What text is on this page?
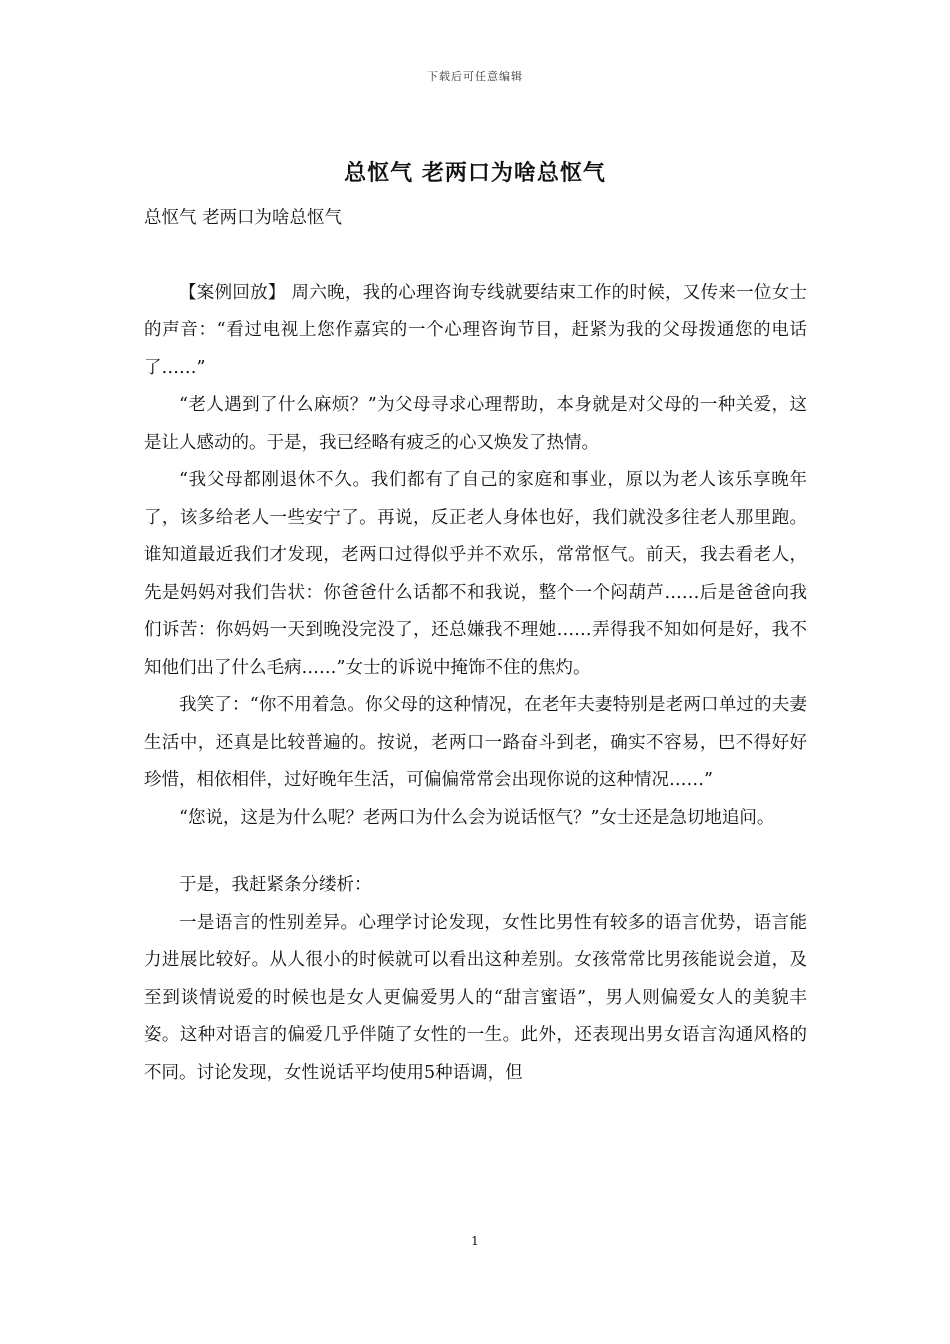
下载后可任意编辑
总怄气 老两口为啥总怄气
总怄气 老两口为啥总怄气

【案例回放】 周六晚，我的心理咨询专线就要结束工作的时候，又传来一位女士的声音：“看过电视上您作嘉宾的一个心理咨询节目，赶紧为我的父母拨通您的电话了……”

“老人遇到了什么麻烦？”为父母寻求心理帮助，本身就是对父母的一种关爱，这是让人感动的。于是，我已经略有疲乏的心又焕发了热情。

“我父母都刚退休不久。我们都有了自己的家庭和事业，原以为老人该乐享晚年了，该多给老人一些安宁了。再说，反正老人身体也好，我们就没多往老人那里跑。谁知道最近我们才发现，老两口过得似乎并不欢乐，常常怄气。前天，我去看老人，先是妈妈对我们告状：你爸爸什么话都不和我说，整个一个闷葫芦……后是爸爸向我们诉苦：你妈妈一天到晚没完没了，还总嫌我不理她……弄得我不知如何是好，我不知他们出了什么毛病……”女士的诉说中掩饰不住的焦灼。

我笑了：“你不用着急。你父母的这种情况，在老年夫妻特别是老两口单过的夫妻生活中，还真是比较普遍的。按说，老两口一路奋斗到老，确实不容易，巴不得好好珍惜，相依相伴，过好晚年生活，可偏偏常常会出现你说的这种情况……”

“您说，这是为什么呢？老两口为什么会为说话怄气？”女士还是急切地追问。

于是，我赶紧条分缕析：

一是语言的性别差异。心理学讨论发现，女性比男性有较多的语言优势，语言能力进展比较好。从人很小的时候就可以看出这种差别。女孩常常比男孩能说会道，及至到谈情说爱的时候也是女人更偏爱男人的“甜言蜜语”，男人则偏爱女人的美貌丰姿。这种对语言的偏爱几乎伴随了女性的一生。此外，还表现出男女语言沟通风格的不同。讨论发现，女性说话平均使用5种语调，但

1
